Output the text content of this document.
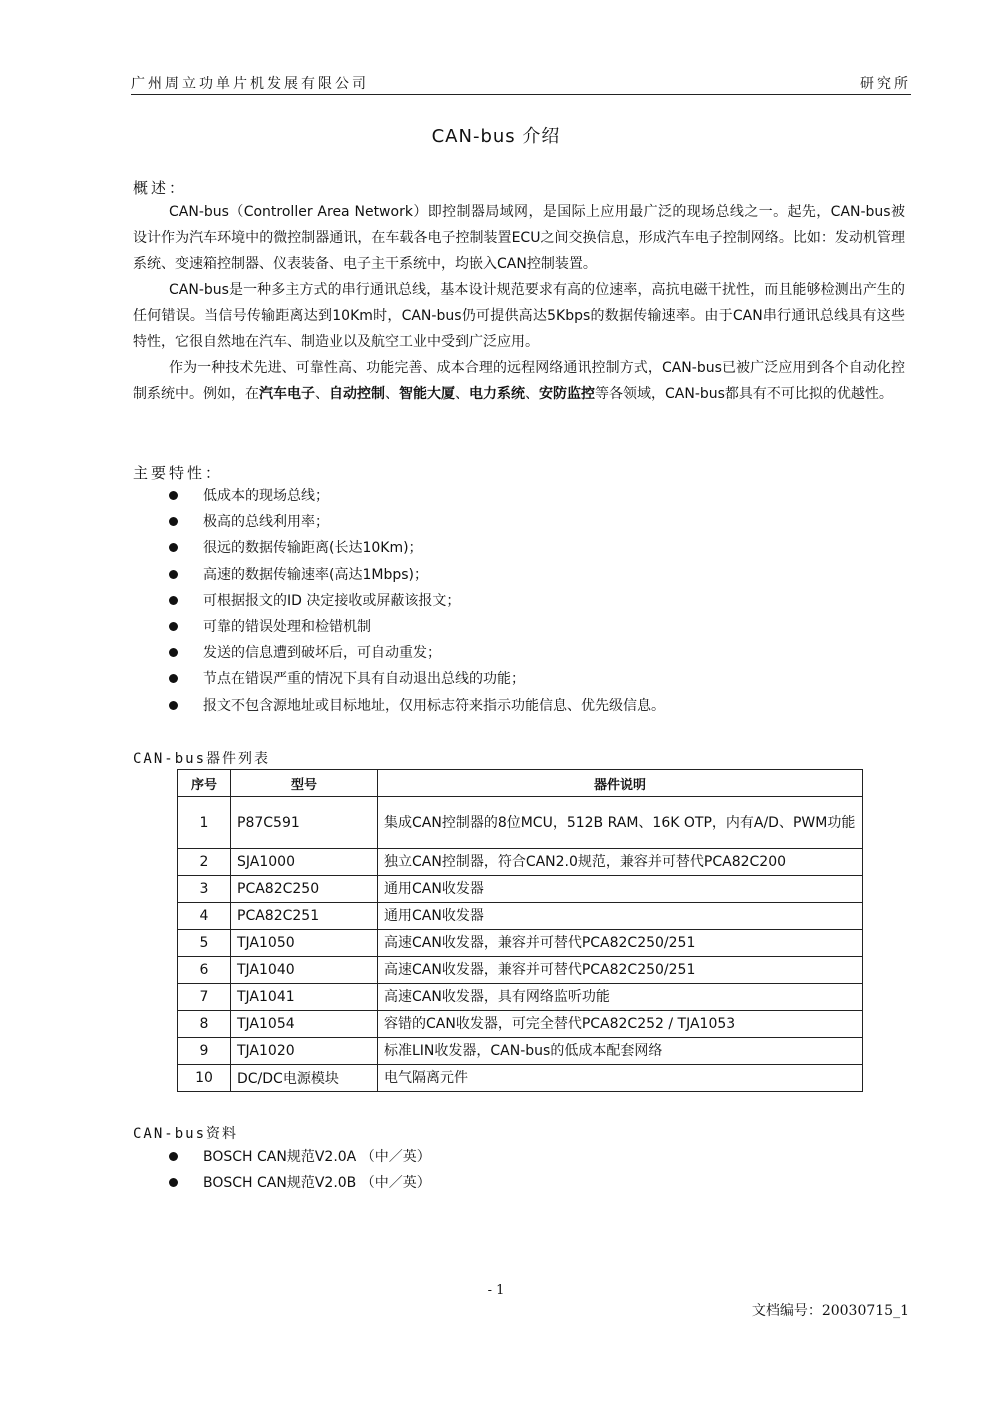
广州周立功单片机发展有限公司	研究所
CAN-bus 介绍
概述：

CAN-bus（Controller Area Network）即控制器局域网，是国际上应用最广泛的现场总线之一。起先，CAN-bus被设计作为汽车环境中的微控制器通讯，在车载各电子控制装置ECU之间交换信息，形成汽车电子控制网络。比如：发动机管理系统、变速箱控制器、仪表装备、电子主干系统中，均嵌入CAN控制装置。

CAN-bus是一种多主方式的串行通讯总线，基本设计规范要求有高的位速率，高抗电磁干扰性，而且能够检测出产生的任何错误。当信号传输距离达到10Km时，CAN-bus仍可提供高达5Kbps的数据传输速率。由于CAN串行通讯总线具有这些特性，它很自然地在汽车、制造业以及航空工业中受到广泛应用。

作为一种技术先进、可靠性高、功能完善、成本合理的远程网络通讯控制方式，CAN-bus已被广泛应用到各个自动化控制系统中。例如，在汽车电子、自动控制、智能大厦、电力系统、安防监控等各领域，CAN-bus都具有不可比拟的优越性。

主要特性：
低成本的现场总线；
极高的总线利用率；
很远的数据传输距离(长达10Km)；
高速的数据传输速率(高达1Mbps)；
可根据报文的ID 决定接收或屏蔽该报文；
可靠的错误处理和检错机制
发送的信息遭到破坏后，可自动重发；
节点在错误严重的情况下具有自动退出总线的功能；
报文不包含源地址或目标地址，仅用标志符来指示功能信息、优先级信息。
CAN-bus器件列表
序号	型号	器件说明
1	P87C591	集成CAN控制器的8位MCU，512B RAM、16K OTP，内有A/D、PWM功能
2	SJA1000	独立CAN控制器，符合CAN2.0规范，兼容并可替代PCA82C200
3	PCA82C250	通用CAN收发器
4	PCA82C251	通用CAN收发器
5	TJA1050	高速CAN收发器，兼容并可替代PCA82C250/251
6	TJA1040	高速CAN收发器，兼容并可替代PCA82C250/251
7	TJA1041	高速CAN收发器，具有网络监听功能
8	TJA1054	容错的CAN收发器，可完全替代PCA82C252 / TJA1053
9	TJA1020	标准LIN收发器，CAN-bus的低成本配套网络
10	DC/DC电源模块	电气隔离元件
CAN-bus资料
BOSCH CAN规范V2.0A （中／英）
BOSCH CAN规范V2.0B （中／英）
- 1
文档编号：20030715_1
